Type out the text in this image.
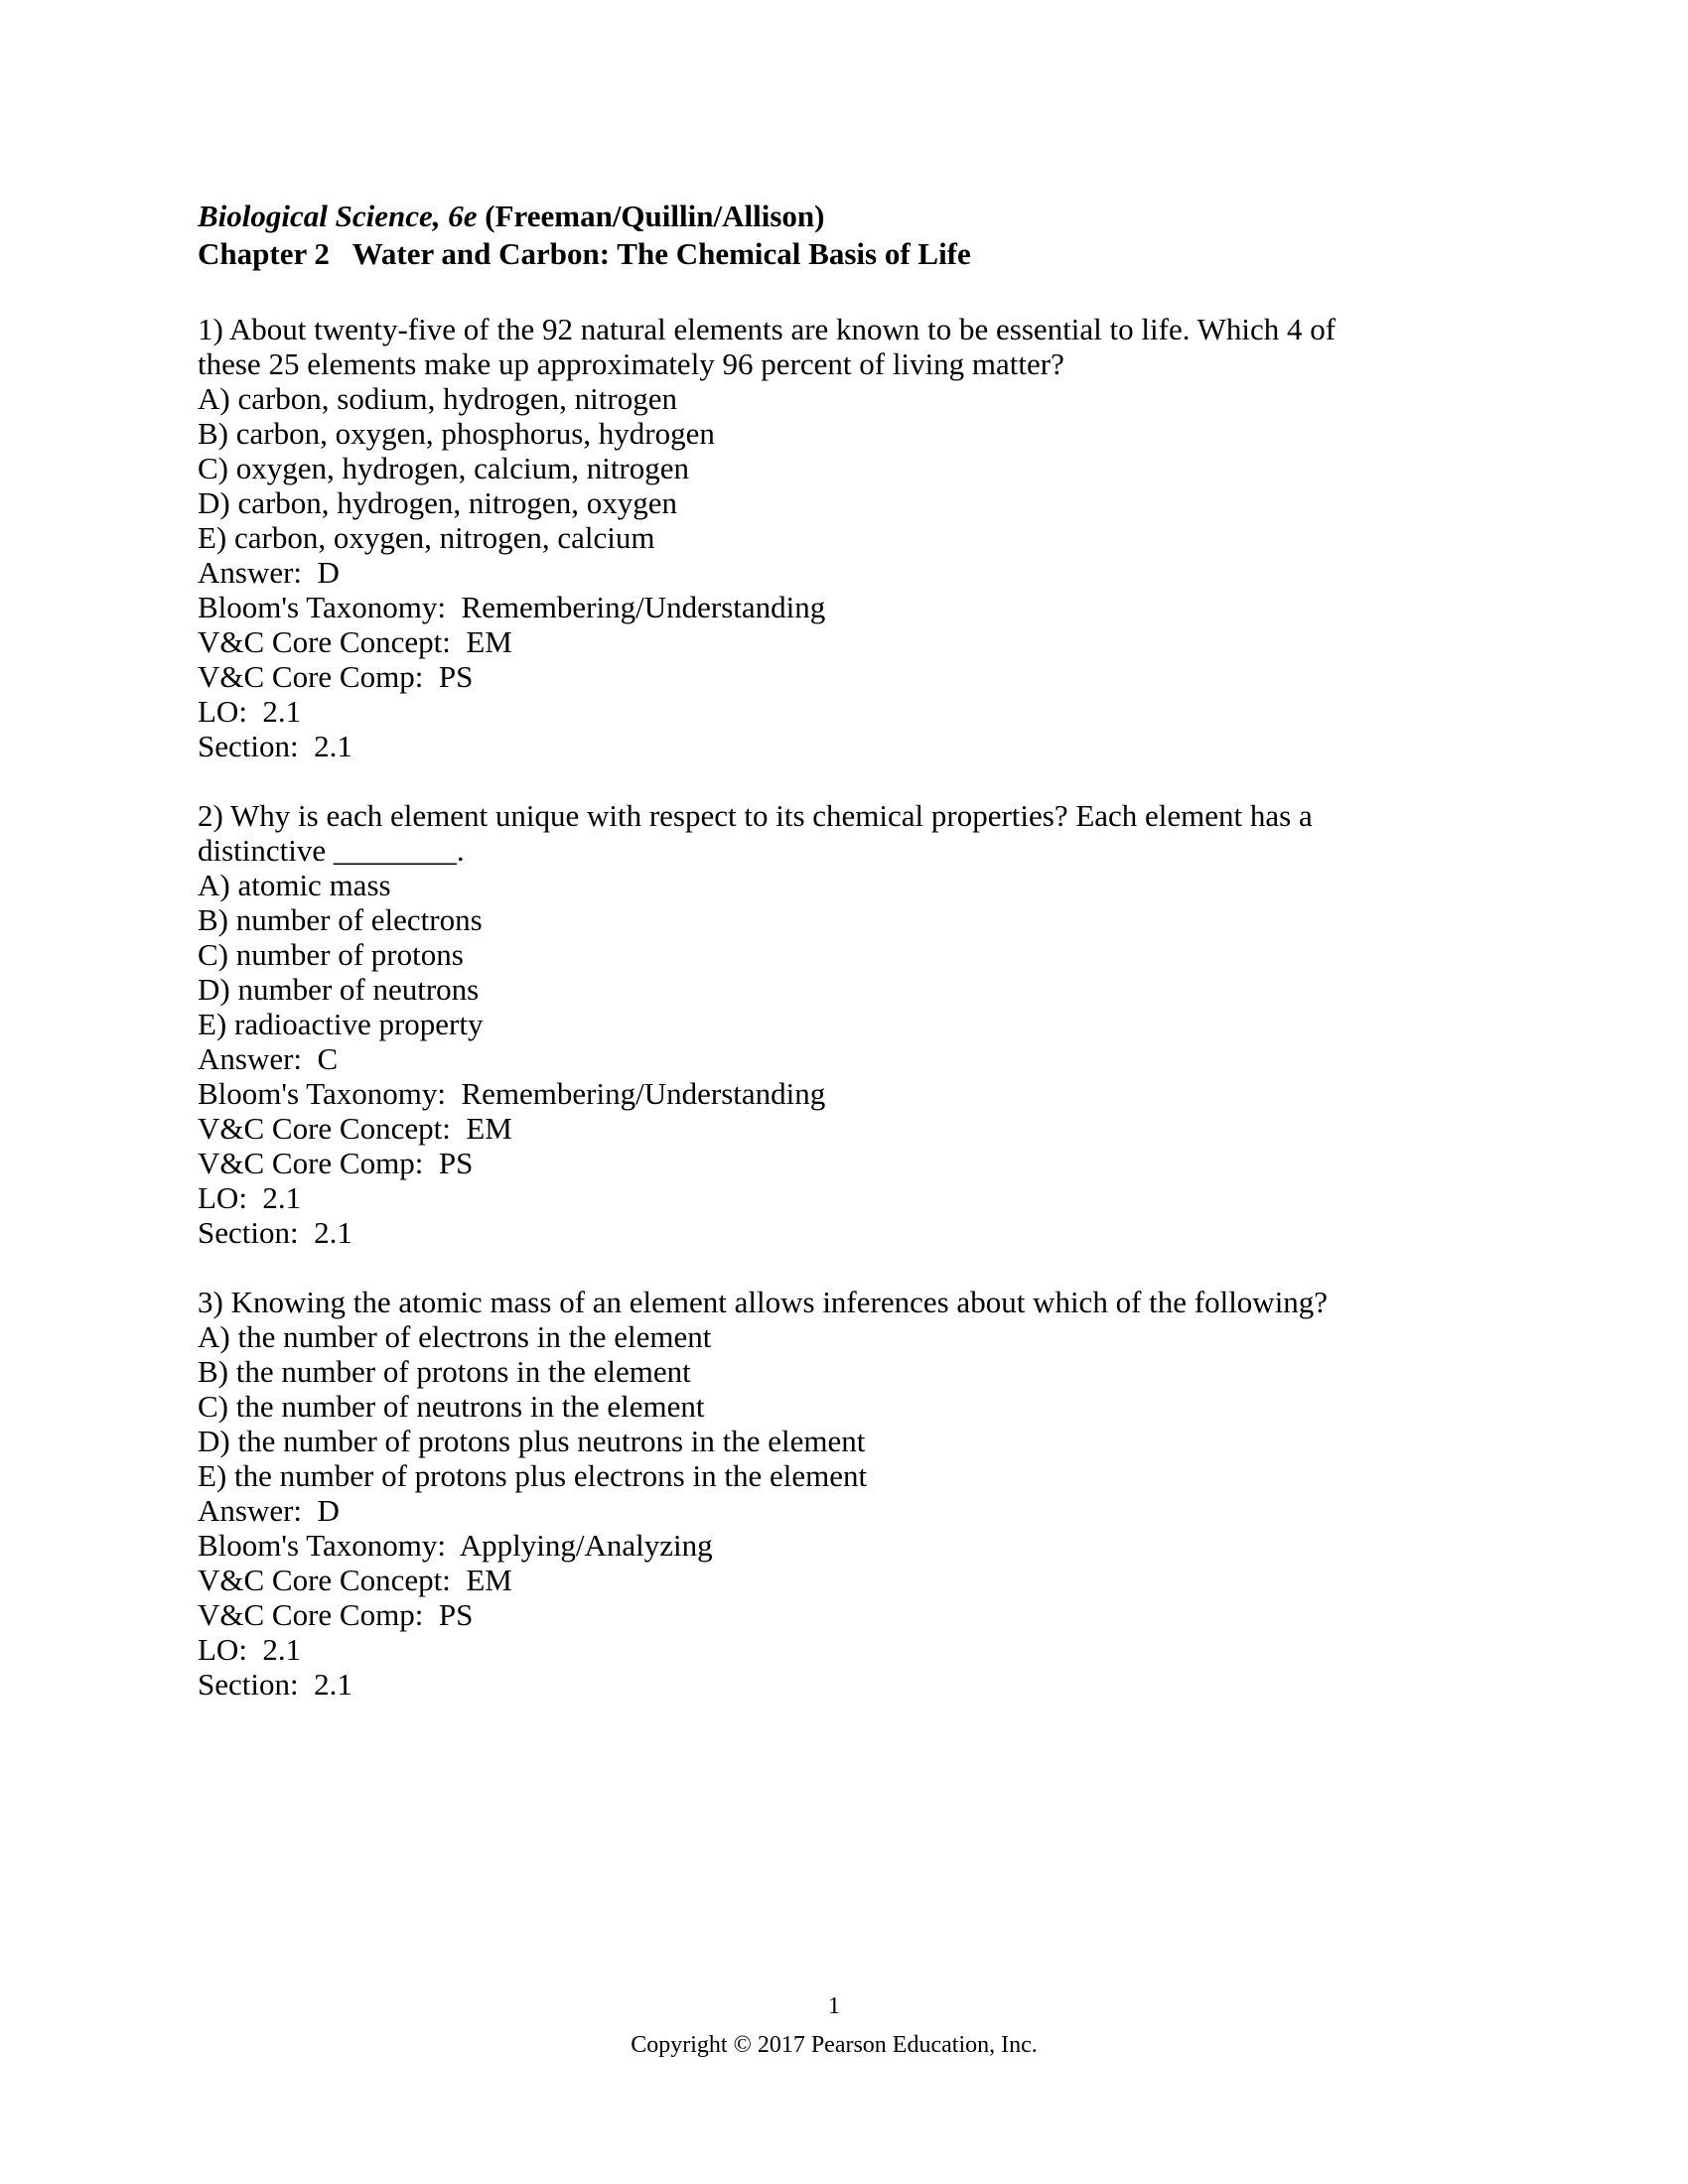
Biological Science, 6e (Freeman/Quillin/Allison)
Chapter 2   Water and Carbon: The Chemical Basis of Life
1) About twenty-five of the 92 natural elements are known to be essential to life. Which 4 of
these 25 elements make up approximately 96 percent of living matter?
A) carbon, sodium, hydrogen, nitrogen
B) carbon, oxygen, phosphorus, hydrogen
C) oxygen, hydrogen, calcium, nitrogen
D) carbon, hydrogen, nitrogen, oxygen
E) carbon, oxygen, nitrogen, calcium
Answer:  D
Bloom's Taxonomy:  Remembering/Understanding
V&C Core Concept:  EM
V&C Core Comp:  PS
LO:  2.1
Section:  2.1
2) Why is each element unique with respect to its chemical properties? Each element has a
distinctive ________.
A) atomic mass
B) number of electrons
C) number of protons
D) number of neutrons
E) radioactive property
Answer:  C
Bloom's Taxonomy:  Remembering/Understanding
V&C Core Concept:  EM
V&C Core Comp:  PS
LO:  2.1
Section:  2.1
3) Knowing the atomic mass of an element allows inferences about which of the following?
A) the number of electrons in the element
B) the number of protons in the element
C) the number of neutrons in the element
D) the number of protons plus neutrons in the element
E) the number of protons plus electrons in the element
Answer:  D
Bloom's Taxonomy:  Applying/Analyzing
V&C Core Concept:  EM
V&C Core Comp:  PS
LO:  2.1
Section:  2.1
1
Copyright © 2017 Pearson Education, Inc.
